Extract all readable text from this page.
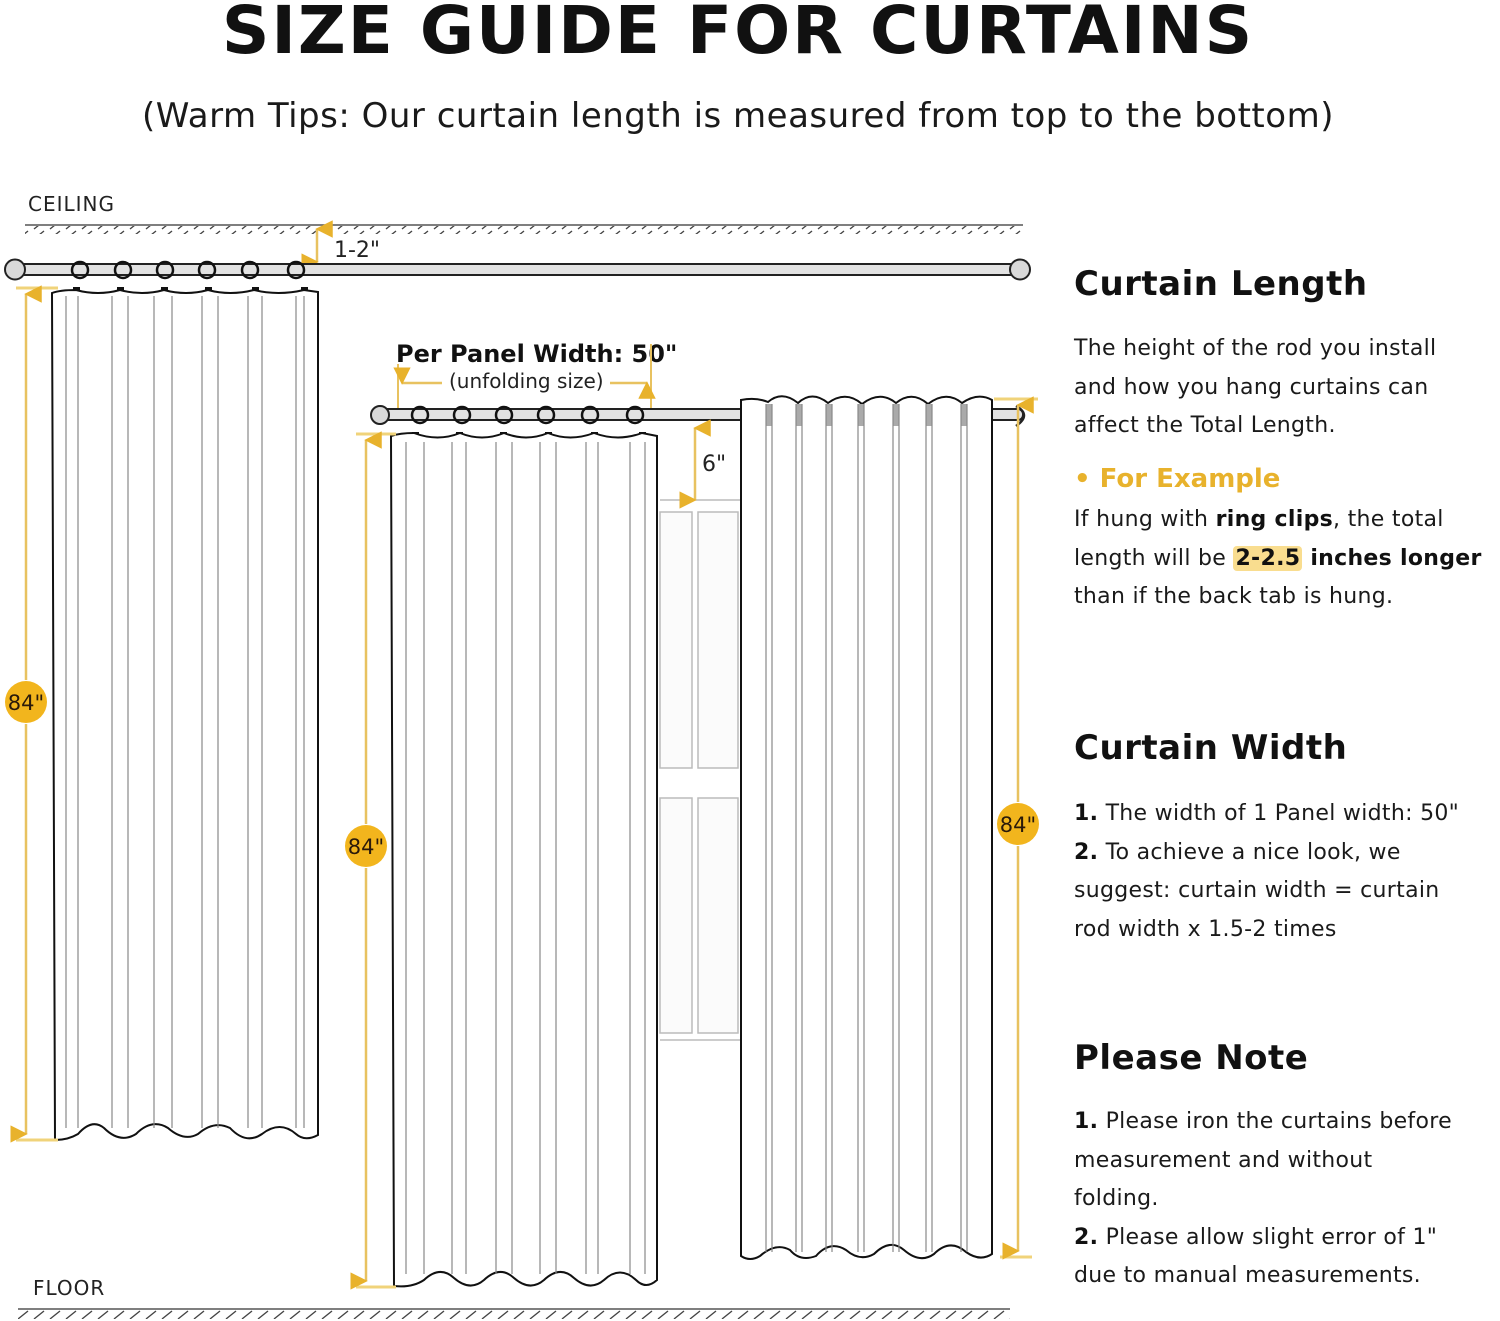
SIZE GUIDE FOR CURTAINS

(Warm Tips: Our curtain length is measured from top to the bottom)

CEILING
1-2"
84"
Per Panel Width: 50"
(unfolding size)
6"
84"
84"
FLOOR
Curtain Length

The height of the rod you install
and how you hang curtains can
affect the Total Length.

• For Example

If hung with ring clips, the total
length will be 2-2.5 inches longer
than if the back tab is hung.

Curtain Width

1. The width of 1 Panel width: 50"
2. To achieve a nice look, we
suggest: curtain width = curtain
rod width x 1.5-2 times

Please Note

1. Please iron the curtains before
measurement and without
folding.
2. Please allow slight error of 1"
due to manual measurements.
